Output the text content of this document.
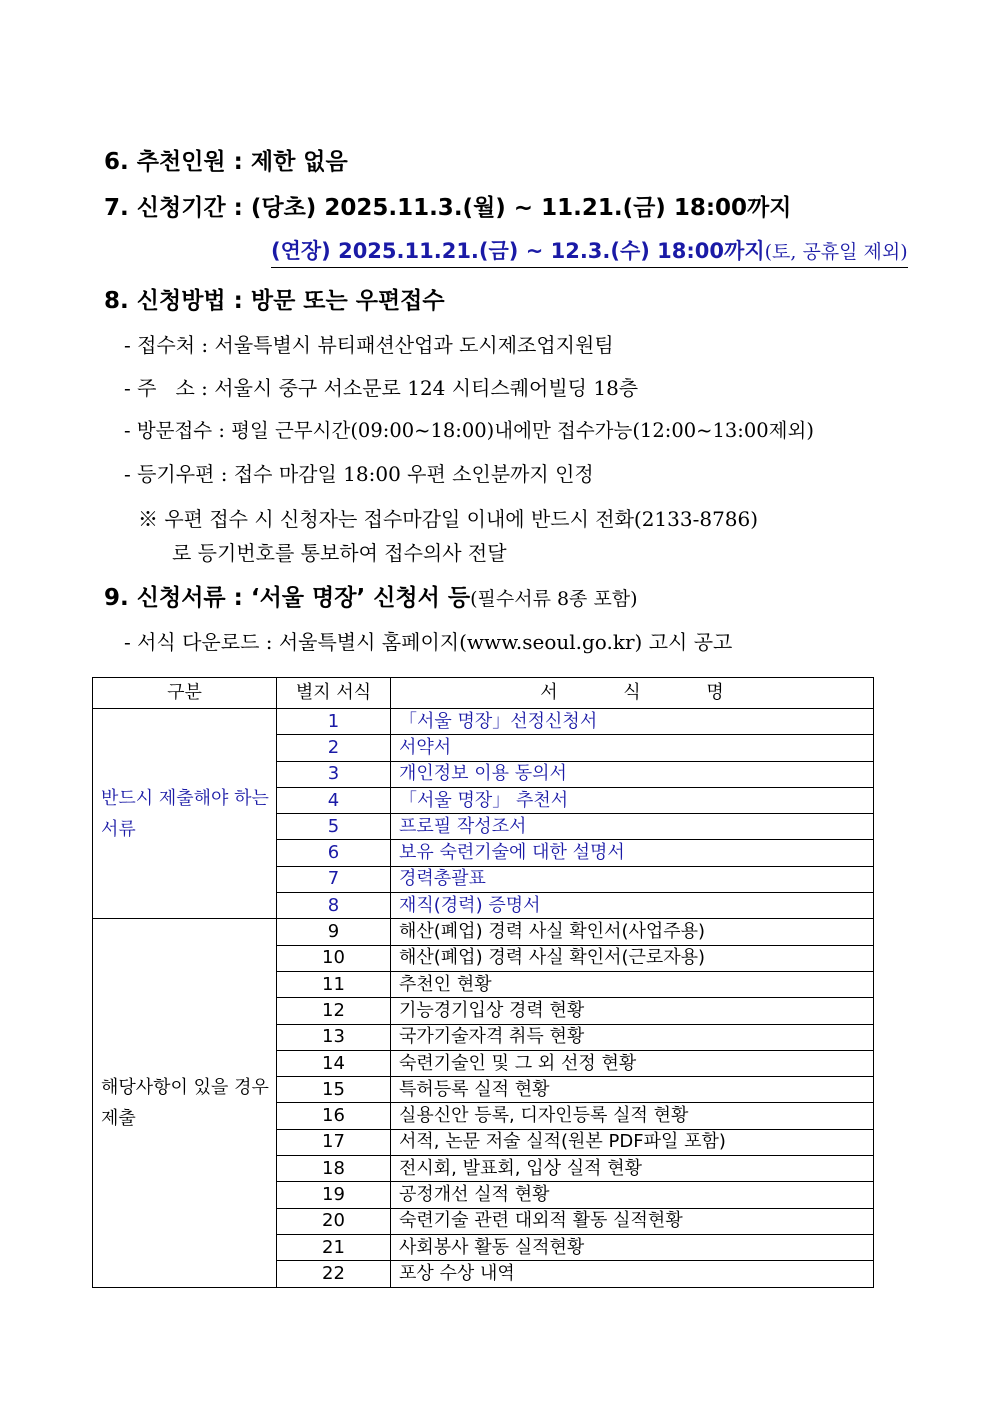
6. 추천인원 : 제한 없음
7. 신청기간 : (당초) 2025.11.3.(월) ~ 11.21.(금) 18:00까지
(연장) 2025.11.21.(금) ~ 12.3.(수) 18:00까지(토, 공휴일 제외)
8. 신청방법 : 방문 또는 우편접수
- 접수처 : 서울특별시 뷰티패션산업과 도시제조업지원팀
- 주   소 : 서울시 중구 서소문로 124 시티스퀘어빌딩 18층
- 방문접수 : 평일 근무시간(09:00~18:00)내에만 접수가능(12:00~13:00제외)
- 등기우편 : 접수 마감일 18:00 우편 소인분까지 인정
※ 우편 접수 시 신청자는 접수마감일 이내에 반드시 전화(2133-8786)
로 등기번호를 통보하여 접수의사 전달
9. 신청서류 : ‘서울 명장’ 신청서 등(필수서류 8종 포함)
- 서식 다운로드 : 서울특별시 홈페이지(www.seoul.go.kr) 고시 공고
구분	별지 서식	서 식 명
반드시 제출해야 하는 서류	1	「서울 명장」선정신청서
	2	서약서
	3	개인정보 이용 동의서
	4	「서울 명장」 추천서
	5	프로필 작성조서
	6	보유 숙련기술에 대한 설명서
	7	경력총괄표
	8	재직(경력) 증명서
해당사항이 있을 경우 제출	9	해산(폐업) 경력 사실 확인서(사업주용)
	10	해산(폐업) 경력 사실 확인서(근로자용)
	11	추천인 현황
	12	기능경기입상 경력 현황
	13	국가기술자격 취득 현황
	14	숙련기술인 및 그 외 선정 현황
	15	특허등록 실적 현황
	16	실용신안 등록, 디자인등록 실적 현황
	17	서적, 논문 저술 실적(원본 PDF파일 포함)
	18	전시회, 발표회, 입상 실적 현황
	19	공정개선 실적 현황
	20	숙련기술 관련 대외적 활동 실적현황
	21	사회봉사 활동 실적현황
	22	포상 수상 내역
